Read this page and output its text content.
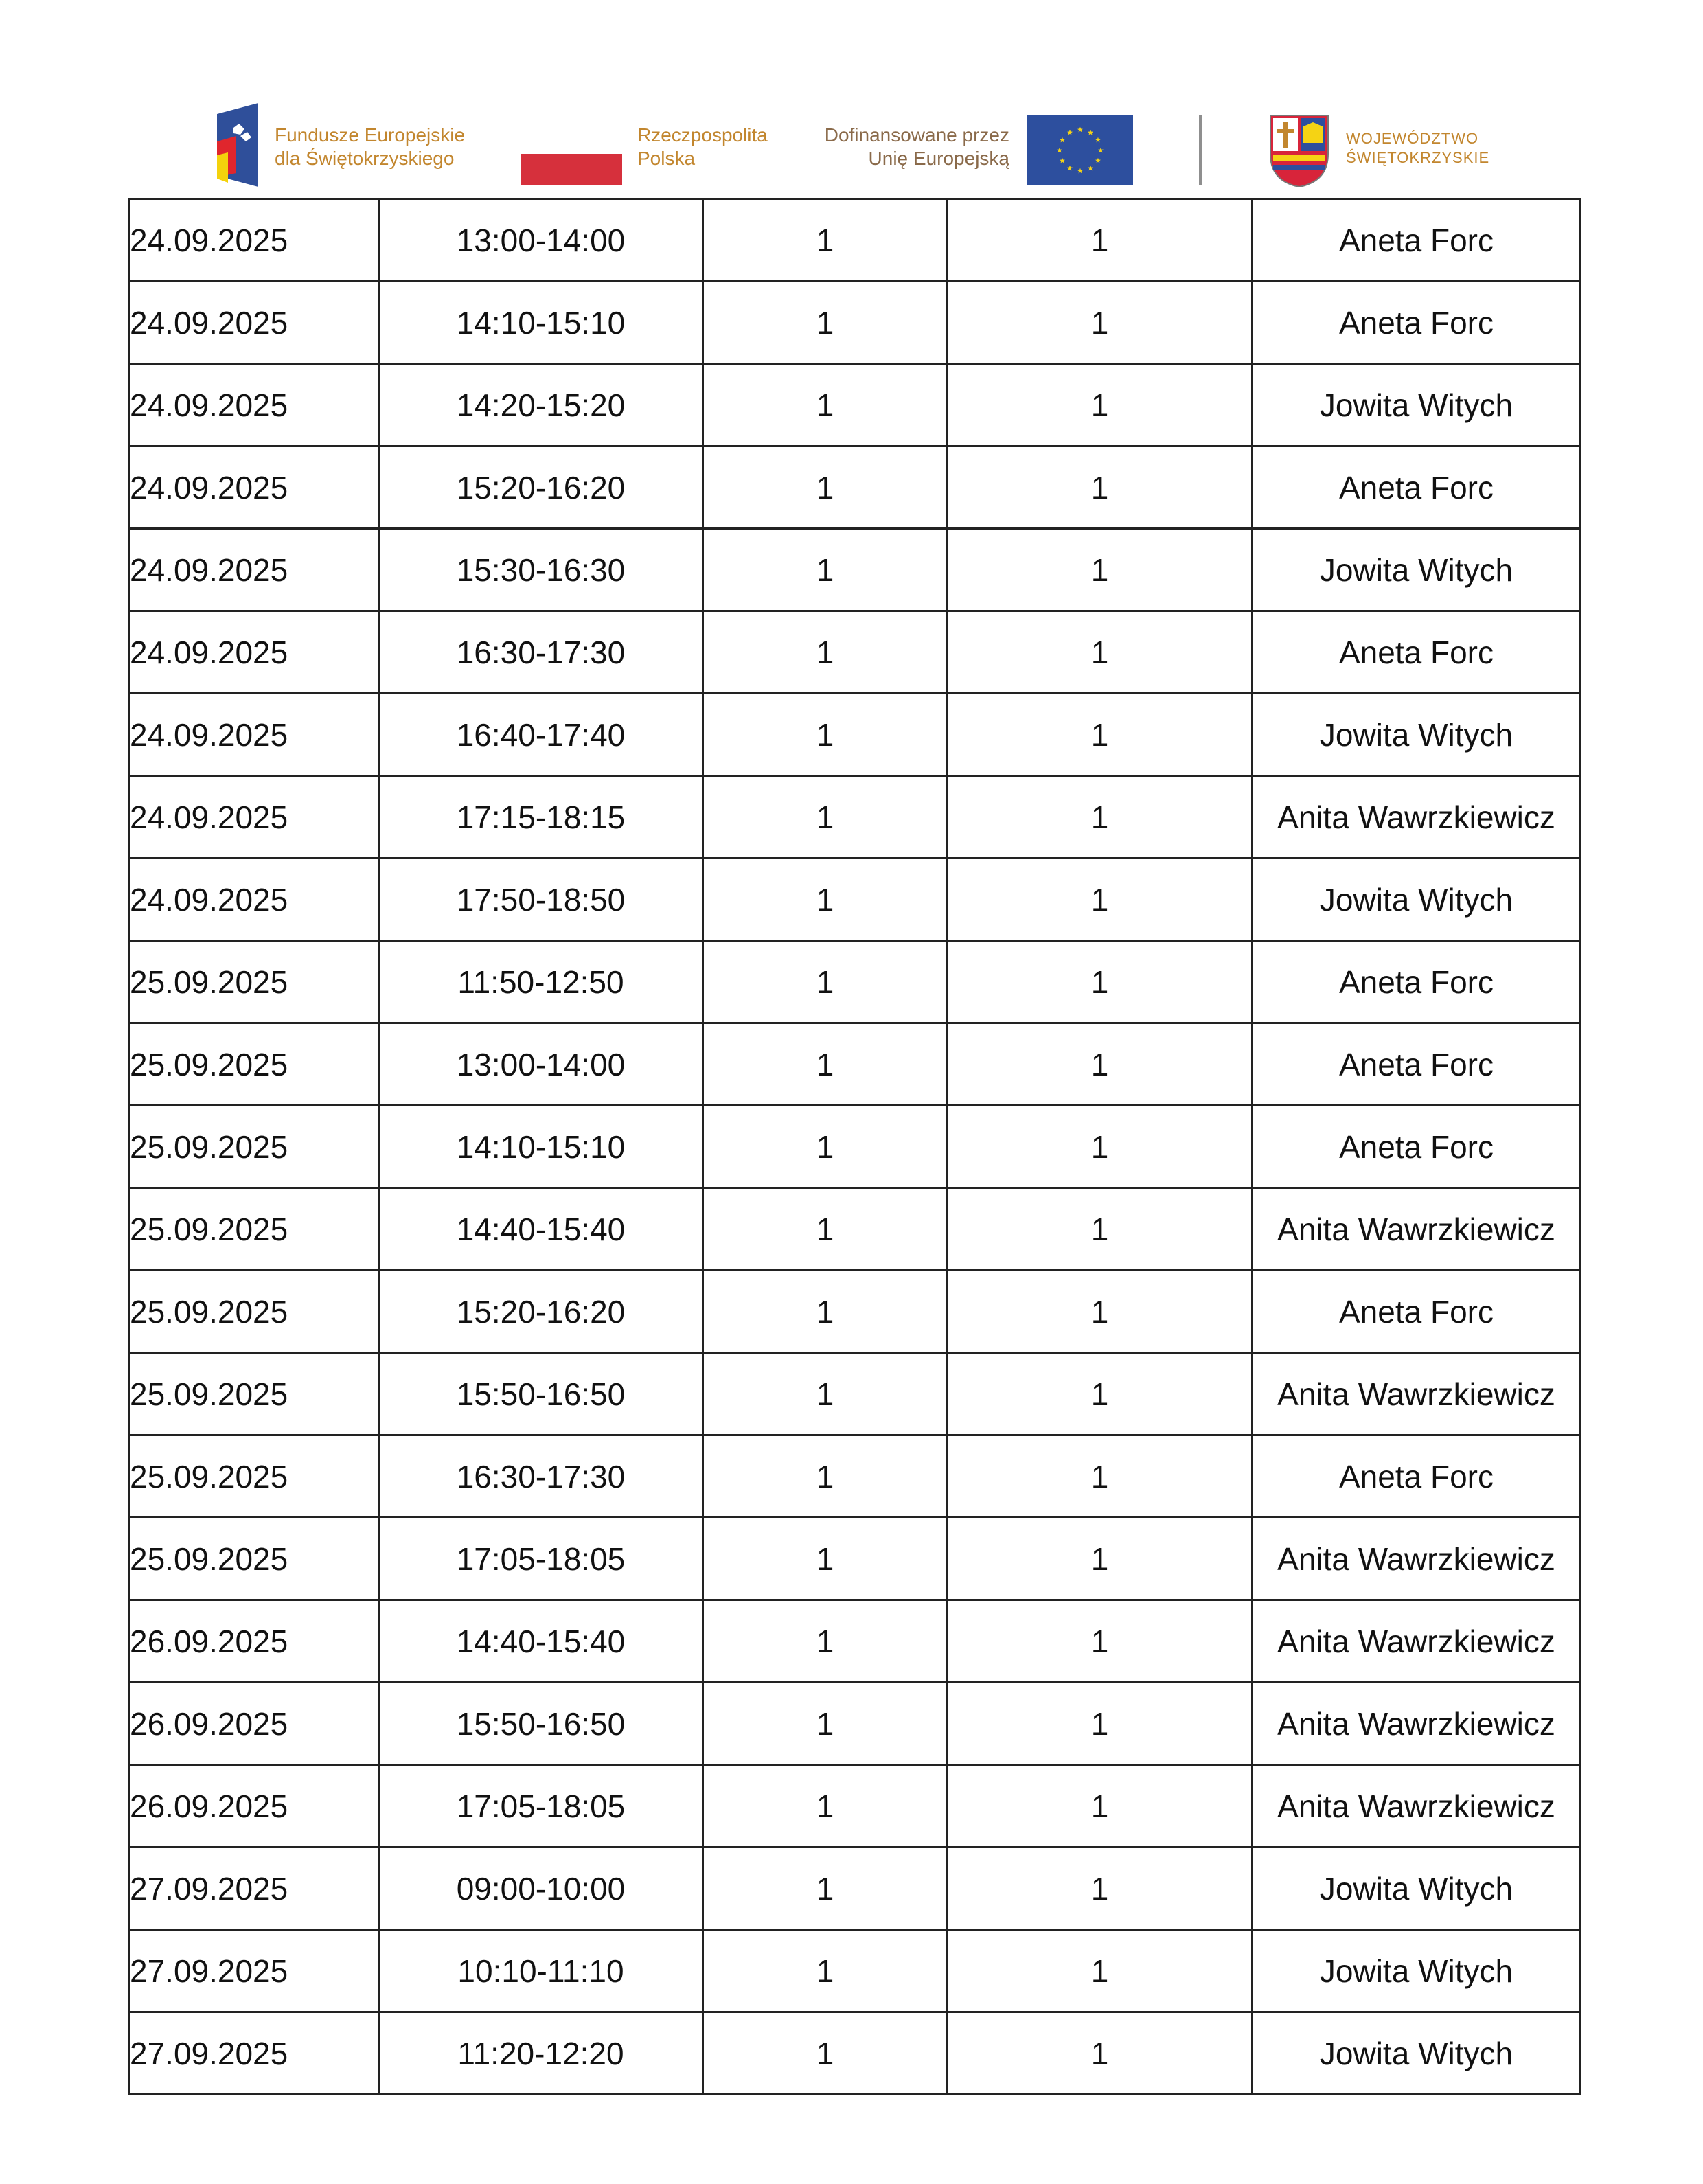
Fundusze Europejskie
dla Świętokrzyskiego
Rzeczpospolita
Polska
Dofinansowane przez
Unię Europejską
WOJEWÓDZTWO
ŚWIĘTOKRZYSKIE
24.09.2025	13:00-14:00	1	1	Aneta Forc
24.09.2025	14:10-15:10	1	1	Aneta Forc
24.09.2025	14:20-15:20	1	1	Jowita Witych
24.09.2025	15:20-16:20	1	1	Aneta Forc
24.09.2025	15:30-16:30	1	1	Jowita Witych
24.09.2025	16:30-17:30	1	1	Aneta Forc
24.09.2025	16:40-17:40	1	1	Jowita Witych
24.09.2025	17:15-18:15	1	1	Anita Wawrzkiewicz
24.09.2025	17:50-18:50	1	1	Jowita Witych
25.09.2025	11:50-12:50	1	1	Aneta Forc
25.09.2025	13:00-14:00	1	1	Aneta Forc
25.09.2025	14:10-15:10	1	1	Aneta Forc
25.09.2025	14:40-15:40	1	1	Anita Wawrzkiewicz
25.09.2025	15:20-16:20	1	1	Aneta Forc
25.09.2025	15:50-16:50	1	1	Anita Wawrzkiewicz
25.09.2025	16:30-17:30	1	1	Aneta Forc
25.09.2025	17:05-18:05	1	1	Anita Wawrzkiewicz
26.09.2025	14:40-15:40	1	1	Anita Wawrzkiewicz
26.09.2025	15:50-16:50	1	1	Anita Wawrzkiewicz
26.09.2025	17:05-18:05	1	1	Anita Wawrzkiewicz
27.09.2025	09:00-10:00	1	1	Jowita Witych
27.09.2025	10:10-11:10	1	1	Jowita Witych
27.09.2025	11:20-12:20	1	1	Jowita Witych
